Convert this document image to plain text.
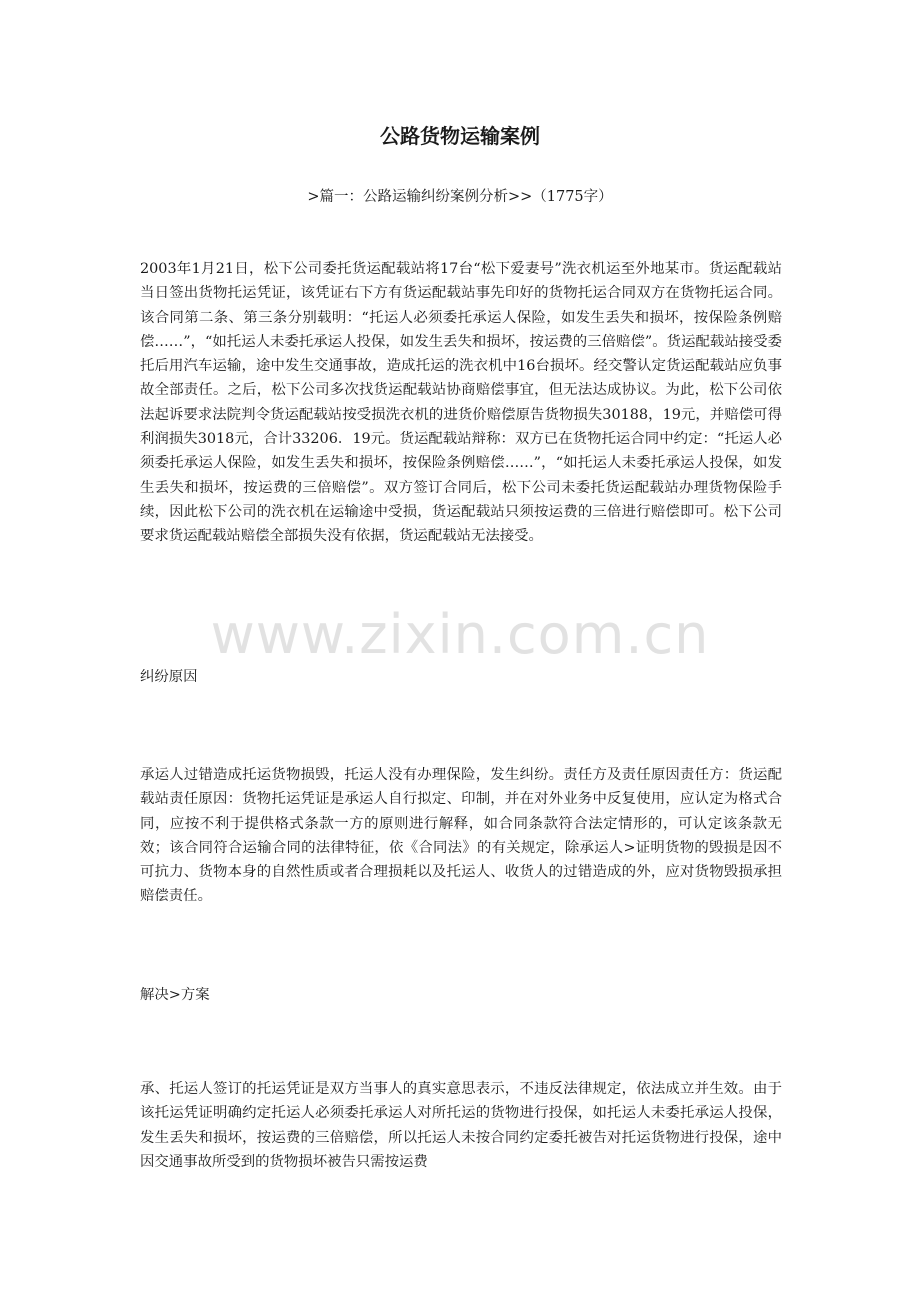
公路货物运输案例
>篇一：公路运输纠纷案例分析>>（1775字）

2003年1月21日，松下公司委托货运配载站将17台“松下爱妻号”洗衣机运至外地某市。货运配载站当日签出货物托运凭证，该凭证右下方有货运配载站事先印好的货物托运合同双方在货物托运合同。该合同第二条、第三条分别载明：“托运人必须委托承运人保险，如发生丢失和损坏，按保险条例赔偿……”，“如托运人未委托承运人投保，如发生丢失和损坏，按运费的三倍赔偿”。货运配载站接受委托后用汽车运输，途中发生交通事故，造成托运的洗衣机中16台损坏。经交警认定货运配载站应负事故全部责任。之后，松下公司多次找货运配载站协商赔偿事宜，但无法达成协议。为此，松下公司依法起诉要求法院判令货运配载站按受损洗衣机的进货价赔偿原告货物损失30188，19元，并赔偿可得利润损失3018元，合计33206．19元。货运配载站辩称：双方已在货物托运合同中约定：“托运人必须委托承运人保险，如发生丢失和损坏，按保险条例赔偿……”，“如托运人未委托承运人投保，如发生丢失和损坏，按运费的三倍赔偿”。双方签订合同后，松下公司未委托货运配载站办理货物保险手续，因此松下公司的洗衣机在运输途中受损，货运配载站只须按运费的三倍进行赔偿即可。松下公司要求货运配载站赔偿全部损失没有依据，货运配载站无法接受。

www.zixin.com.cn

纠纷原因

承运人过错造成托运货物损毁，托运人没有办理保险，发生纠纷。责任方及责任原因责任方：货运配载站责任原因：货物托运凭证是承运人自行拟定、印制，并在对外业务中反复使用，应认定为格式合同，应按不利于提供格式条款一方的原则进行解释，如合同条款符合法定情形的，可认定该条款无效；该合同符合运输合同的法律特征，依《合同法》的有关规定，除承运人>证明货物的毁损是因不可抗力、货物本身的自然性质或者合理损耗以及托运人、收货人的过错造成的外，应对货物毁损承担赔偿责任。

解决>方案

承、托运人签订的托运凭证是双方当事人的真实意思表示，不违反法律规定，依法成立并生效。由于该托运凭证明确约定托运人必须委托承运人对所托运的货物进行投保，如托运人未委托承运人投保，发生丢失和损坏，按运费的三倍赔偿，所以托运人未按合同约定委托被告对托运货物进行投保，途中因交通事故所受到的货物损坏被告只需按运费
